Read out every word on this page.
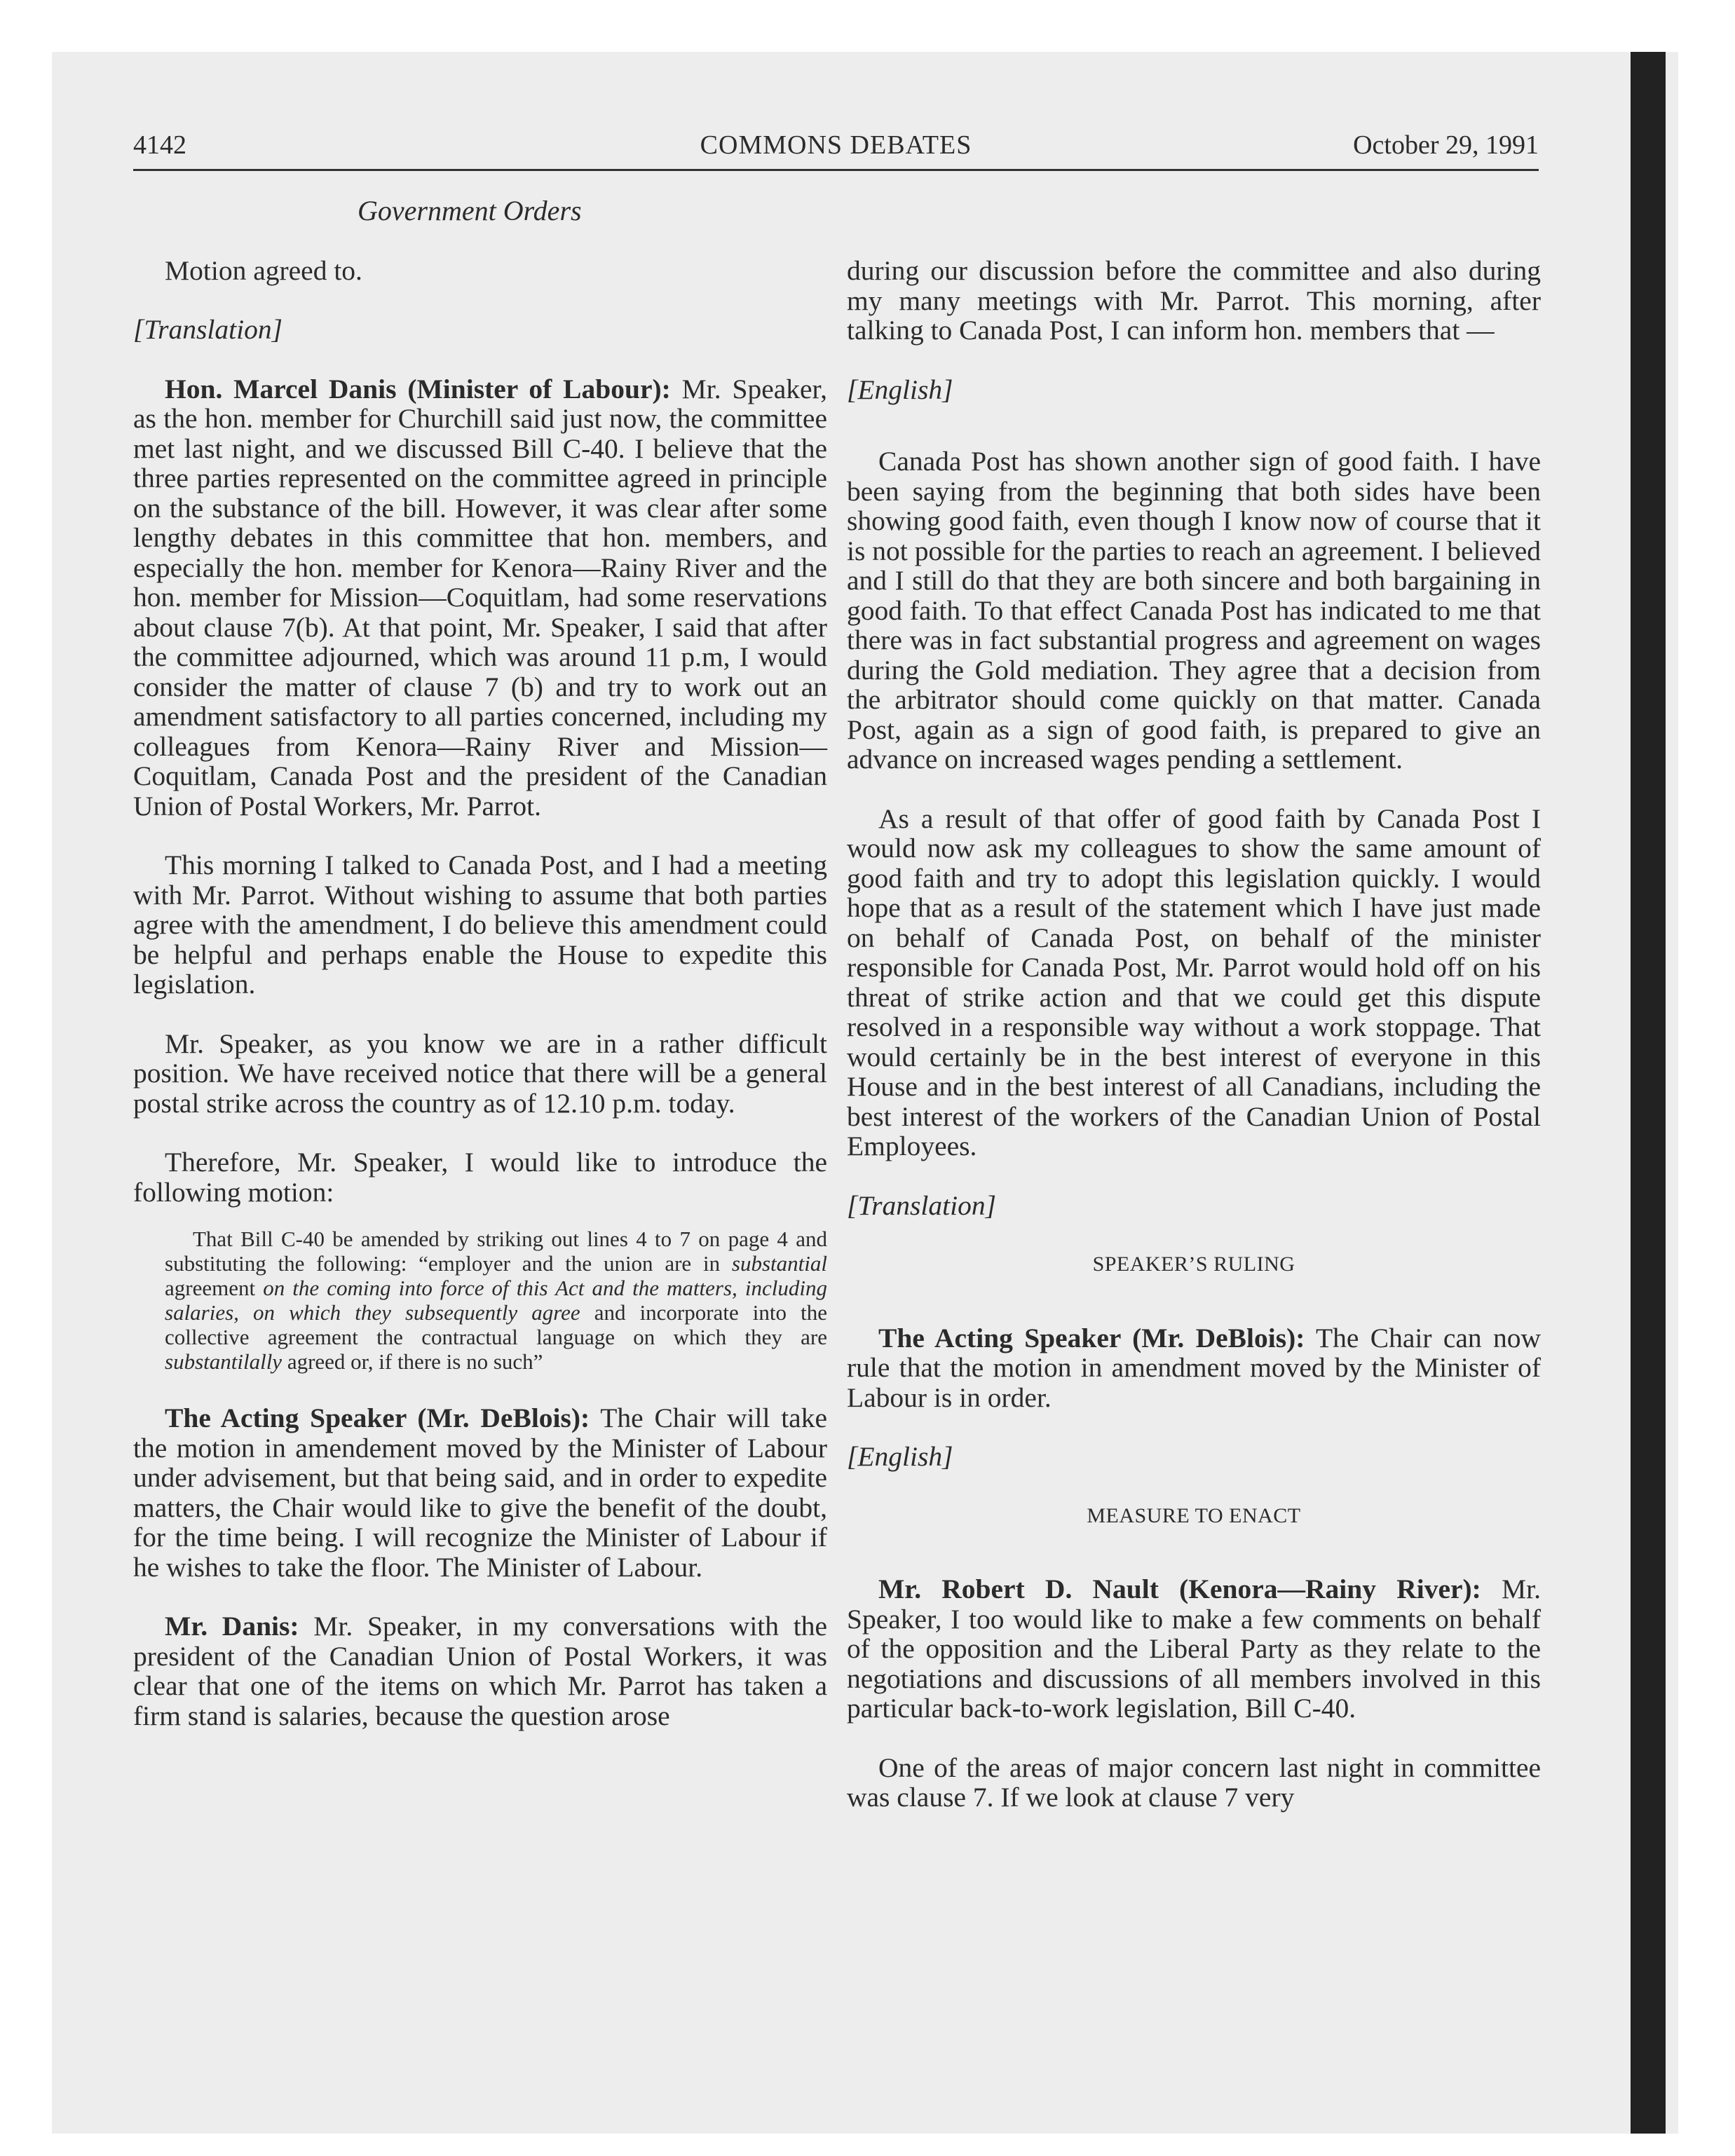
4142	COMMONS DEBATES	October 29, 1991
Government Orders

Motion agreed to.

[Translation]

Hon. Marcel Danis (Minister of Labour): Mr. Speaker, as the hon. member for Churchill said just now, the committee met last night, and we discussed Bill C-40. I believe that the three parties represented on the committee agreed in principle on the substance of the bill. However, it was clear after some lengthy debates in this committee that hon. members, and especially the hon. member for Kenora—Rainy River and the hon. member for Mission—Coquitlam, had some reservations about clause 7(b). At that point, Mr. Speaker, I said that after the committee adjourned, which was around 11 p.m, I would consider the matter of clause 7 (b) and try to work out an amendment satisfactory to all parties concerned, including my colleagues from Kenora—Rainy River and Mission—Coquitlam, Canada Post and the president of the Canadian Union of Postal Workers, Mr. Parrot.

This morning I talked to Canada Post, and I had a meeting with Mr. Parrot. Without wishing to assume that both parties agree with the amendment, I do believe this amendment could be helpful and perhaps enable the House to expedite this legislation.

Mr. Speaker, as you know we are in a rather difficult position. We have received notice that there will be a general postal strike across the country as of 12.10 p.m. today.

Therefore, Mr. Speaker, I would like to introduce the following motion:

That Bill C-40 be amended by striking out lines 4 to 7 on page 4 and substituting the following: “employer and the union are in substantial agreement on the coming into force of this Act and the matters, including salaries, on which they subsequently agree and incorporate into the collective agreement the contractual language on which they are substantilally agreed or, if there is no such”

The Acting Speaker (Mr. DeBlois): The Chair will take the motion in amendement moved by the Minister of Labour under advisement, but that being said, and in order to expedite matters, the Chair would like to give the benefit of the doubt, for the time being. I will recognize the Minister of Labour if he wishes to take the floor. The Minister of Labour.

Mr. Danis: Mr. Speaker, in my conversations with the president of the Canadian Union of Postal Workers, it was clear that one of the items on which Mr. Parrot has taken a firm stand is salaries, because the question arose

during our discussion before the committee and also during my many meetings with Mr. Parrot. This morning, after talking to Canada Post, I can inform hon. members that —

[English]

Canada Post has shown another sign of good faith. I have been saying from the beginning that both sides have been showing good faith, even though I know now of course that it is not possible for the parties to reach an agreement. I believed and I still do that they are both sincere and both bargaining in good faith. To that effect Canada Post has indicated to me that there was in fact substantial progress and agreement on wages during the Gold mediation. They agree that a decision from the arbitrator should come quickly on that matter. Canada Post, again as a sign of good faith, is prepared to give an advance on increased wages pending a settlement.

As a result of that offer of good faith by Canada Post I would now ask my colleagues to show the same amount of good faith and try to adopt this legislation quickly. I would hope that as a result of the statement which I have just made on behalf of Canada Post, on behalf of the minister responsible for Canada Post, Mr. Parrot would hold off on his threat of strike action and that we could get this dispute resolved in a responsible way without a work stoppage. That would certainly be in the best interest of everyone in this House and in the best interest of all Canadians, including the best interest of the workers of the Canadian Union of Postal Employees.

[Translation]
SPEAKER’S RULING

The Acting Speaker (Mr. DeBlois): The Chair can now rule that the motion in amendment moved by the Minister of Labour is in order.

[English]
MEASURE TO ENACT

Mr. Robert D. Nault (Kenora—Rainy River): Mr. Speaker, I too would like to make a few comments on behalf of the opposition and the Liberal Party as they relate to the negotiations and discussions of all members involved in this particular back-to-work legislation, Bill C-40.

One of the areas of major concern last night in committee was clause 7. If we look at clause 7 very
